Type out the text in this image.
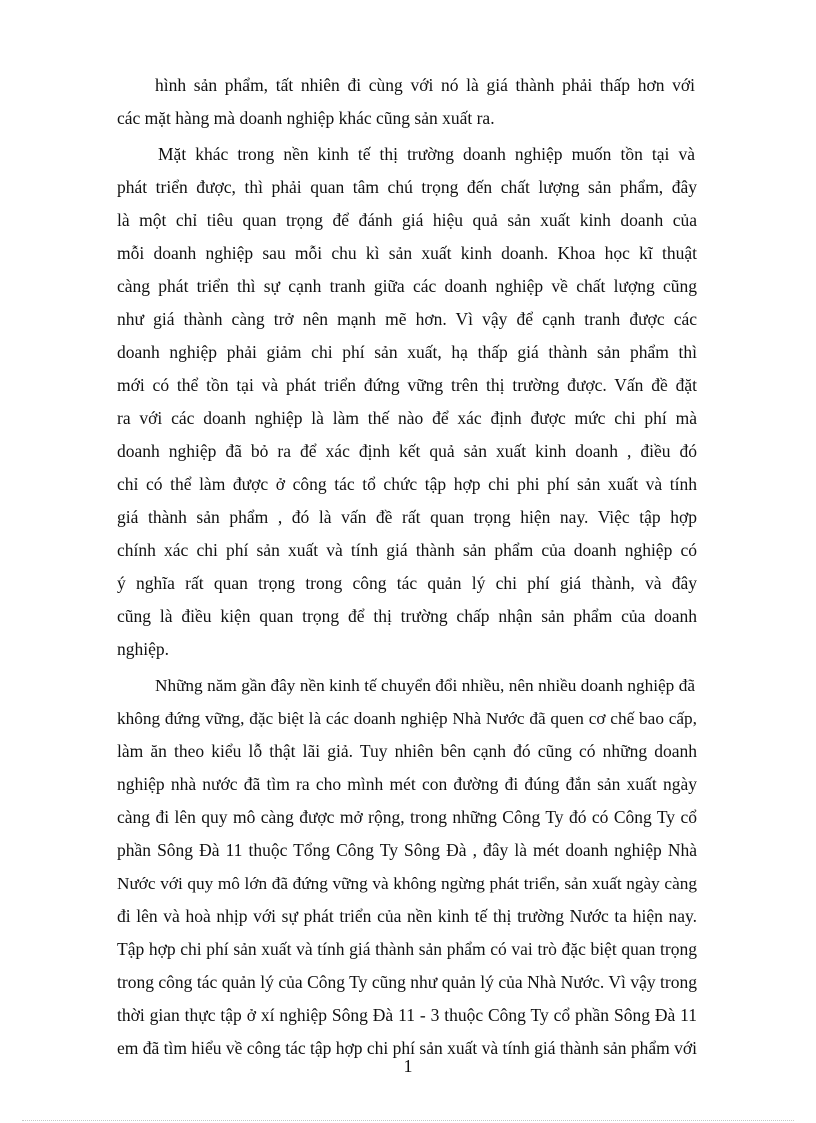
hình sản phẩm, tất nhiên đi cùng với nó là giá thành phải thấp hơn với
các mặt hàng mà doanh nghiệp khác cũng sản xuất ra.
Mặt khác trong nền kinh tế thị trường doanh nghiệp muốn tồn tại và
phát triển được, thì phải quan tâm chú trọng đến chất lượng sản phẩm, đây
là một chỉ tiêu quan trọng để đánh giá hiệu quả sản xuất kinh doanh của
mỗi doanh nghiệp sau mỗi chu kì sản xuất kinh doanh. Khoa học kĩ thuật
càng phát triển thì sự cạnh tranh giữa các doanh nghiệp về chất lượng cũng
như giá thành càng trở nên mạnh mẽ hơn. Vì vậy để cạnh tranh được các
doanh nghiệp phải giảm chi phí sản xuất, hạ thấp giá thành sản phẩm thì
mới có thể tồn tại và phát triển đứng vững trên thị trường được. Vấn đề đặt
ra với các doanh nghiệp là làm thế nào để xác định được mức chi phí mà
doanh nghiệp đã bỏ ra để xác định kết quả sản xuất kinh doanh , điều đó
chỉ có thể làm được ở công tác tổ chức tập hợp chi phi phí sản xuất và tính
giá thành sản phẩm , đó là vấn đề rất quan trọng hiện nay. Việc tập hợp
chính xác chi phí sản xuất và tính giá thành sản phẩm của doanh nghiệp có
ý nghĩa rất quan trọng trong công tác quản lý chi phí giá thành, và đây
cũng là điều kiện quan trọng để thị trường chấp nhận sản phẩm của doanh
nghiệp.
Những năm gần đây nền kinh tế chuyển đổi nhiều, nên nhiều doanh nghiệp đã
không đứng vững, đặc biệt là các doanh nghiệp Nhà Nước đã quen cơ chế bao cấp,
làm ăn theo kiểu lỗ thật lãi giả. Tuy nhiên bên cạnh đó cũng có những doanh
nghiệp nhà nước đã tìm ra cho mình mét con đường đi đúng đắn sản xuất ngày
càng đi lên quy mô càng được mở rộng, trong những Công Ty đó có Công Ty cổ
phần Sông Đà 11 thuộc Tổng Công Ty Sông Đà , đây là mét doanh nghiệp Nhà
Nước với quy mô lớn đã đứng vững và không ngừng phát triển, sản xuất ngày càng
đi lên và hoà nhịp với sự phát triển của nền kinh tế thị trường Nước ta hiện nay.
Tập hợp chi phí sản xuất và tính giá thành sản phẩm có vai trò đặc biệt quan trọng
trong công tác quản lý của Công Ty cũng như quản lý của Nhà Nước. Vì vậy trong
thời gian thực tập ở xí nghiệp Sông Đà 11 - 3 thuộc Công Ty cổ phần Sông Đà 11
em đã tìm hiểu về công tác tập hợp chi phí sản xuất và tính giá thành sản phẩm với
1
